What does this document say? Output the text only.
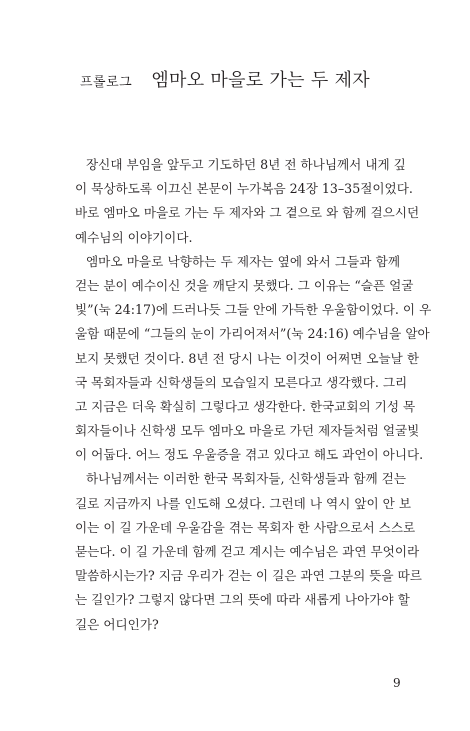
프롤로그 엠마오 마을로 가는 두 제자
장신대 부임을 앞두고 기도하던 8년 전 하나님께서 내게 깊
이 묵상하도록 이끄신 본문이 누가복음 24장 13–35절이었다.
바로 엠마오 마을로 가는 두 제자와 그 곁으로 와 함께 걸으시던
예수님의 이야기이다.
엠마오 마을로 낙향하는 두 제자는 옆에 와서 그들과 함께
걷는 분이 예수이신 것을 깨닫지 못했다. 그 이유는 “슬픈 얼굴
빛”(눅 24:17)에 드러나듯 그들 안에 가득한 우울함이었다. 이 우
울함 때문에 “그들의 눈이 가리어져서”(눅 24:16) 예수님을 알아
보지 못했던 것이다. 8년 전 당시 나는 이것이 어쩌면 오늘날 한
국 목회자들과 신학생들의 모습일지 모른다고 생각했다. 그리
고 지금은 더욱 확실히 그렇다고 생각한다. 한국교회의 기성 목
회자들이나 신학생 모두 엠마오 마을로 가던 제자들처럼 얼굴빛
이 어둡다. 어느 정도 우울증을 겪고 있다고 해도 과언이 아니다.
하나님께서는 이러한 한국 목회자들, 신학생들과 함께 걷는
길로 지금까지 나를 인도해 오셨다. 그런데 나 역시 앞이 안 보
이는 이 길 가운데 우울감을 겪는 목회자 한 사람으로서 스스로
묻는다. 이 길 가운데 함께 걷고 계시는 예수님은 과연 무엇이라
말씀하시는가? 지금 우리가 걷는 이 길은 과연 그분의 뜻을 따르
는 길인가? 그렇지 않다면 그의 뜻에 따라 새롭게 나아가야 할
길은 어디인가?
9
